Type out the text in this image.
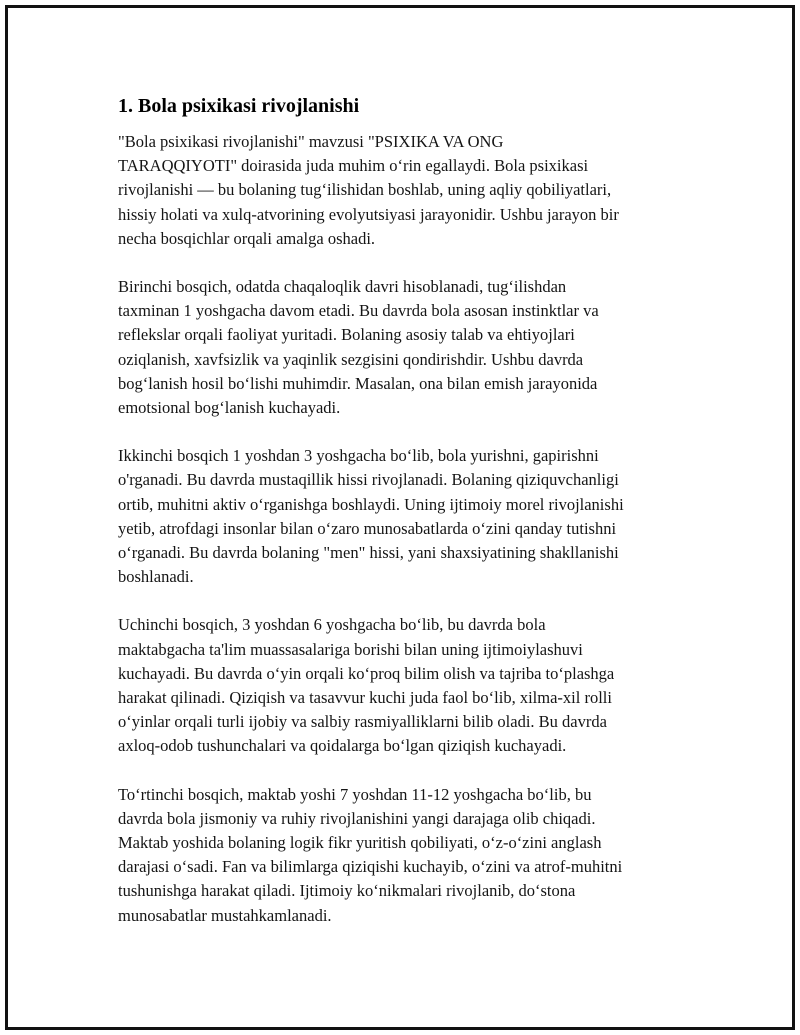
1. Bola psixikasi rivojlanishi

"Bola psixikasi rivojlanishi" mavzusi "PSIXIKA VA ONG
TARAQQIYOTI" doirasida juda muhim o‘rin egallaydi. Bola psixikasi
rivojlanishi — bu bolaning tug‘ilishidan boshlab, uning aqliy qobiliyatlari,
hissiy holati va xulq-atvorining evolyutsiyasi jarayonidir. Ushbu jarayon bir
necha bosqichlar orqali amalga oshadi.

Birinchi bosqich, odatda chaqaloqlik davri hisoblanadi, tug‘ilishdan
taxminan 1 yoshgacha davom etadi. Bu davrda bola asosan instinktlar va
reflekslar orqali faoliyat yuritadi. Bolaning asosiy talab va ehtiyojlari
oziqlanish, xavfsizlik va yaqinlik sezgisini qondirishdir. Ushbu davrda
bog‘lanish hosil bo‘lishi muhimdir. Masalan, ona bilan emish jarayonida
emotsional bog‘lanish kuchayadi.

Ikkinchi bosqich 1 yoshdan 3 yoshgacha bo‘lib, bola yurishni, gapirishni
o'rganadi. Bu davrda mustaqillik hissi rivojlanadi. Bolaning qiziquvchanligi
ortib, muhitni aktiv o‘rganishga boshlaydi. Uning ijtimoiy morel rivojlanishi
yetib, atrofdagi insonlar bilan o‘zaro munosabatlarda o‘zini qanday tutishni
o‘rganadi. Bu davrda bolaning "men" hissi, yani shaxsiyatining shakllanishi
boshlanadi.

Uchinchi bosqich, 3 yoshdan 6 yoshgacha bo‘lib, bu davrda bola
maktabgacha ta'lim muassasalariga borishi bilan uning ijtimoiylashuvi
kuchayadi. Bu davrda o‘yin orqali ko‘proq bilim olish va tajriba to‘plashga
harakat qilinadi. Qiziqish va tasavvur kuchi juda faol bo‘lib, xilma-xil rolli
o‘yinlar orqali turli ijobiy va salbiy rasmiyalliklarni bilib oladi. Bu davrda
axloq-odob tushunchalari va qoidalarga bo‘lgan qiziqish kuchayadi.

To‘rtinchi bosqich, maktab yoshi 7 yoshdan 11-12 yoshgacha bo‘lib, bu
davrda bola jismoniy va ruhiy rivojlanishini yangi darajaga olib chiqadi.
Maktab yoshida bolaning logik fikr yuritish qobiliyati, o‘z-o‘zini anglash
darajasi o‘sadi. Fan va bilimlarga qiziqishi kuchayib, o‘zini va atrof-muhitni
tushunishga harakat qiladi. Ijtimoiy ko‘nikmalari rivojlanib, do‘stona
munosabatlar mustahkamlanadi.
